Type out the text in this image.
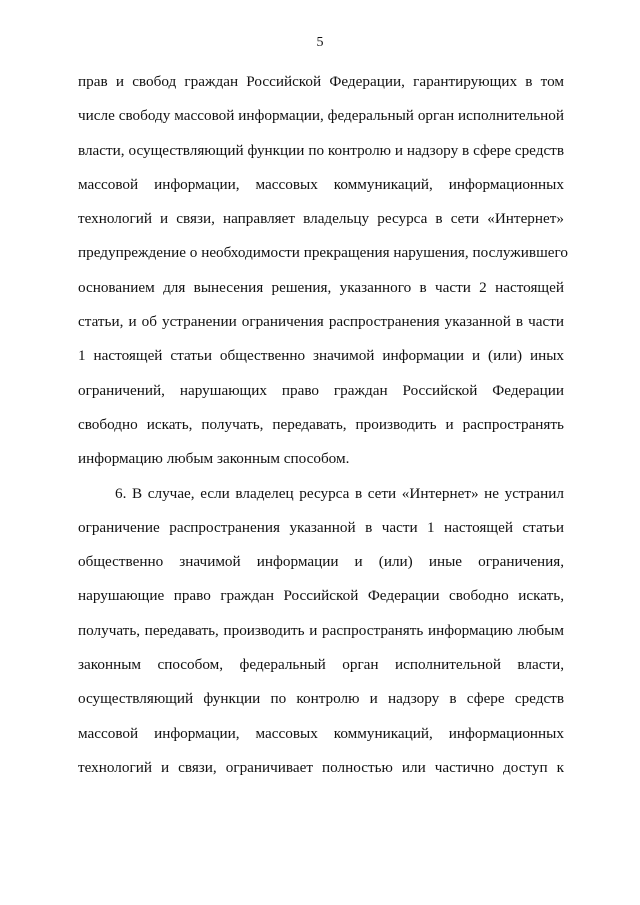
5
прав и свобод граждан Российской Федерации, гарантирующих в том
числе свободу массовой информации, федеральный орган исполнительной
власти, осуществляющий функции по контролю и надзору в сфере средств
массовой информации, массовых коммуникаций, информационных
технологий и связи, направляет владельцу ресурса в сети «Интернет»
предупреждение о необходимости прекращения нарушения, послужившего
основанием для вынесения решения, указанного в части 2 настоящей
статьи, и об устранении ограничения распространения указанной в части
1 настоящей статьи общественно значимой информации и (или) иных
ограничений, нарушающих право граждан Российской Федерации
свободно искать, получать, передавать, производить и распространять
информацию любым законным способом.
6. В случае, если владелец ресурса в сети «Интернет» не устранил
ограничение распространения указанной в части 1 настоящей статьи
общественно значимой информации и (или) иные ограничения,
нарушающие право граждан Российской Федерации свободно искать,
получать, передавать, производить и распространять информацию любым
законным способом, федеральный орган исполнительной власти,
осуществляющий функции по контролю и надзору в сфере средств
массовой информации, массовых коммуникаций, информационных
технологий и связи, ограничивает полностью или частично доступ к
